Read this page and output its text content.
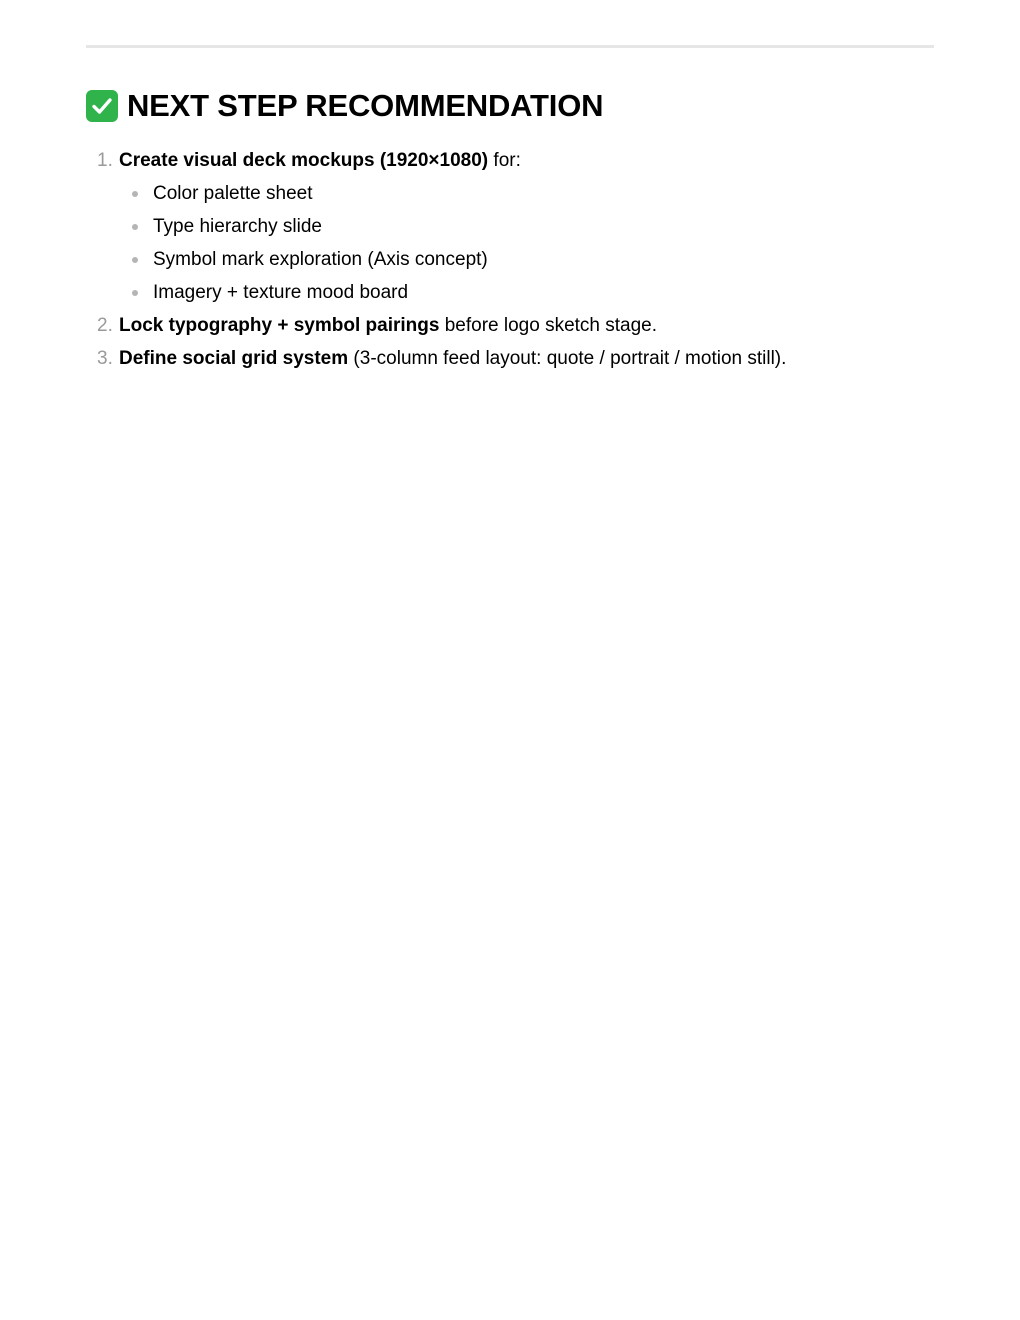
NEXT STEP RECOMMENDATION
1. Create visual deck mockups (1920×1080) for:
Color palette sheet
Type hierarchy slide
Symbol mark exploration (Axis concept)
Imagery + texture mood board
2. Lock typography + symbol pairings before logo sketch stage.
3. Define social grid system (3-column feed layout: quote / portrait / motion still).
